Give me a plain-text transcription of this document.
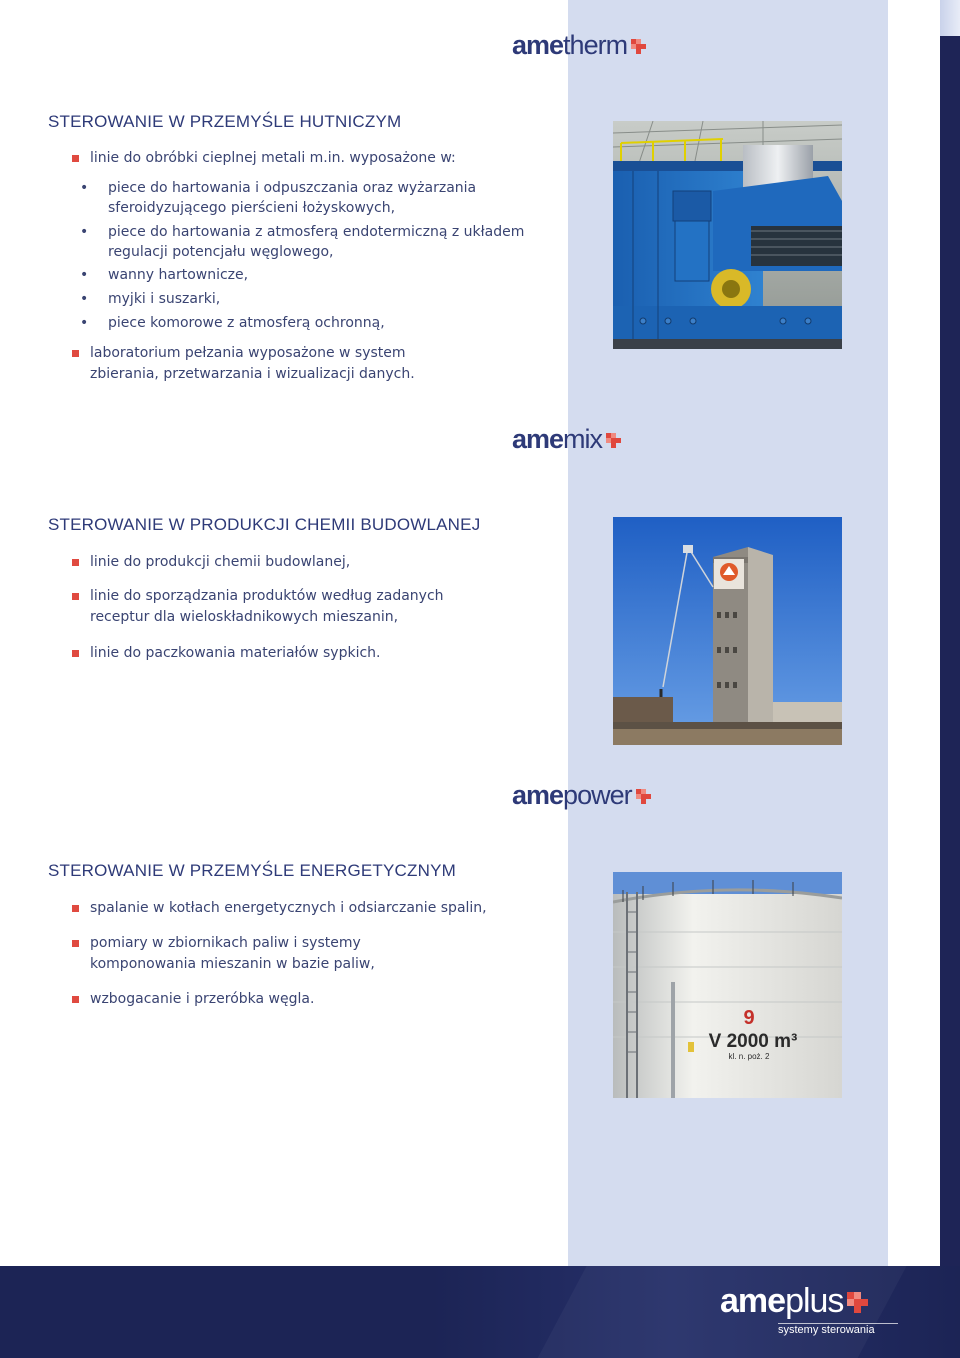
ame therm
STEROWANIE W PRZEMYŚLE HUTNICZYM
linie do obróbki cieplnej metali m.in. wyposażone w:
• piece do hartowania i odpuszczania oraz wyżarzania sferoidyzującego pierścieni łożyskowych,
• piece do hartowania z atmosferą endotermiczną z układem regulacji potencjału węglowego,
• wanny hartownicze,
• myjki i suszarki,
• piece komorowe z atmosferą ochronną,
laboratorium pełzania wyposażone w system zbierania, przetwarzania i wizualizacji danych.
ame mix
STEROWANIE W PRODUKCJI CHEMII BUDOWLANEJ
linie do produkcji chemii budowlanej,
linie do sporządzania produktów według zadanych receptur dla wieloskładnikowych mieszanin,
linie do paczkowania materiałów sypkich.
ame power
STEROWANIE W PRZEMYŚLE ENERGETYCZNYM
spalanie w kotłach energetycznych i odsiarczanie spalin,
pomiary w zbiornikach paliw i systemy komponowania mieszanin w bazie paliw,
wzbogacanie i przeróbka węgla.
9
V 2000 m³
kl. n. poż. 2
ame plus
systemy sterowania
